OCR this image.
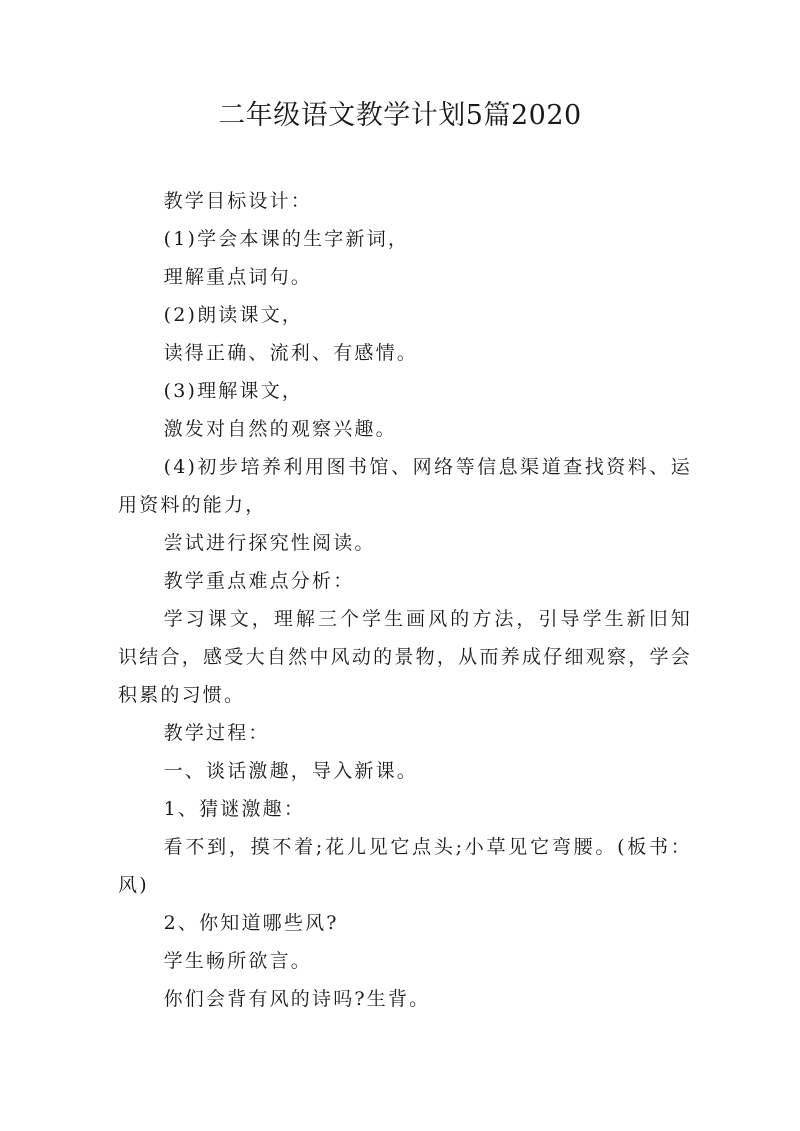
二年级语文教学计划5篇2020

教学目标设计：

(1)学会本课的生字新词，

理解重点词句。

(2)朗读课文，

读得正确、流利、有感情。

(3)理解课文，

激发对自然的观察兴趣。

(4)初步培养利用图书馆、网络等信息渠道查找资料、运用资料的能力，

尝试进行探究性阅读。

教学重点难点分析：

学习课文，理解三个学生画风的方法，引导学生新旧知识结合，感受大自然中风动的景物，从而养成仔细观察，学会积累的习惯。

教学过程：

一、谈话激趣，导入新课。

1、猜谜激趣：

看不到，摸不着;花儿见它点头;小草见它弯腰。(板书：风)

2、你知道哪些风?

学生畅所欲言。

你们会背有风的诗吗?生背。
